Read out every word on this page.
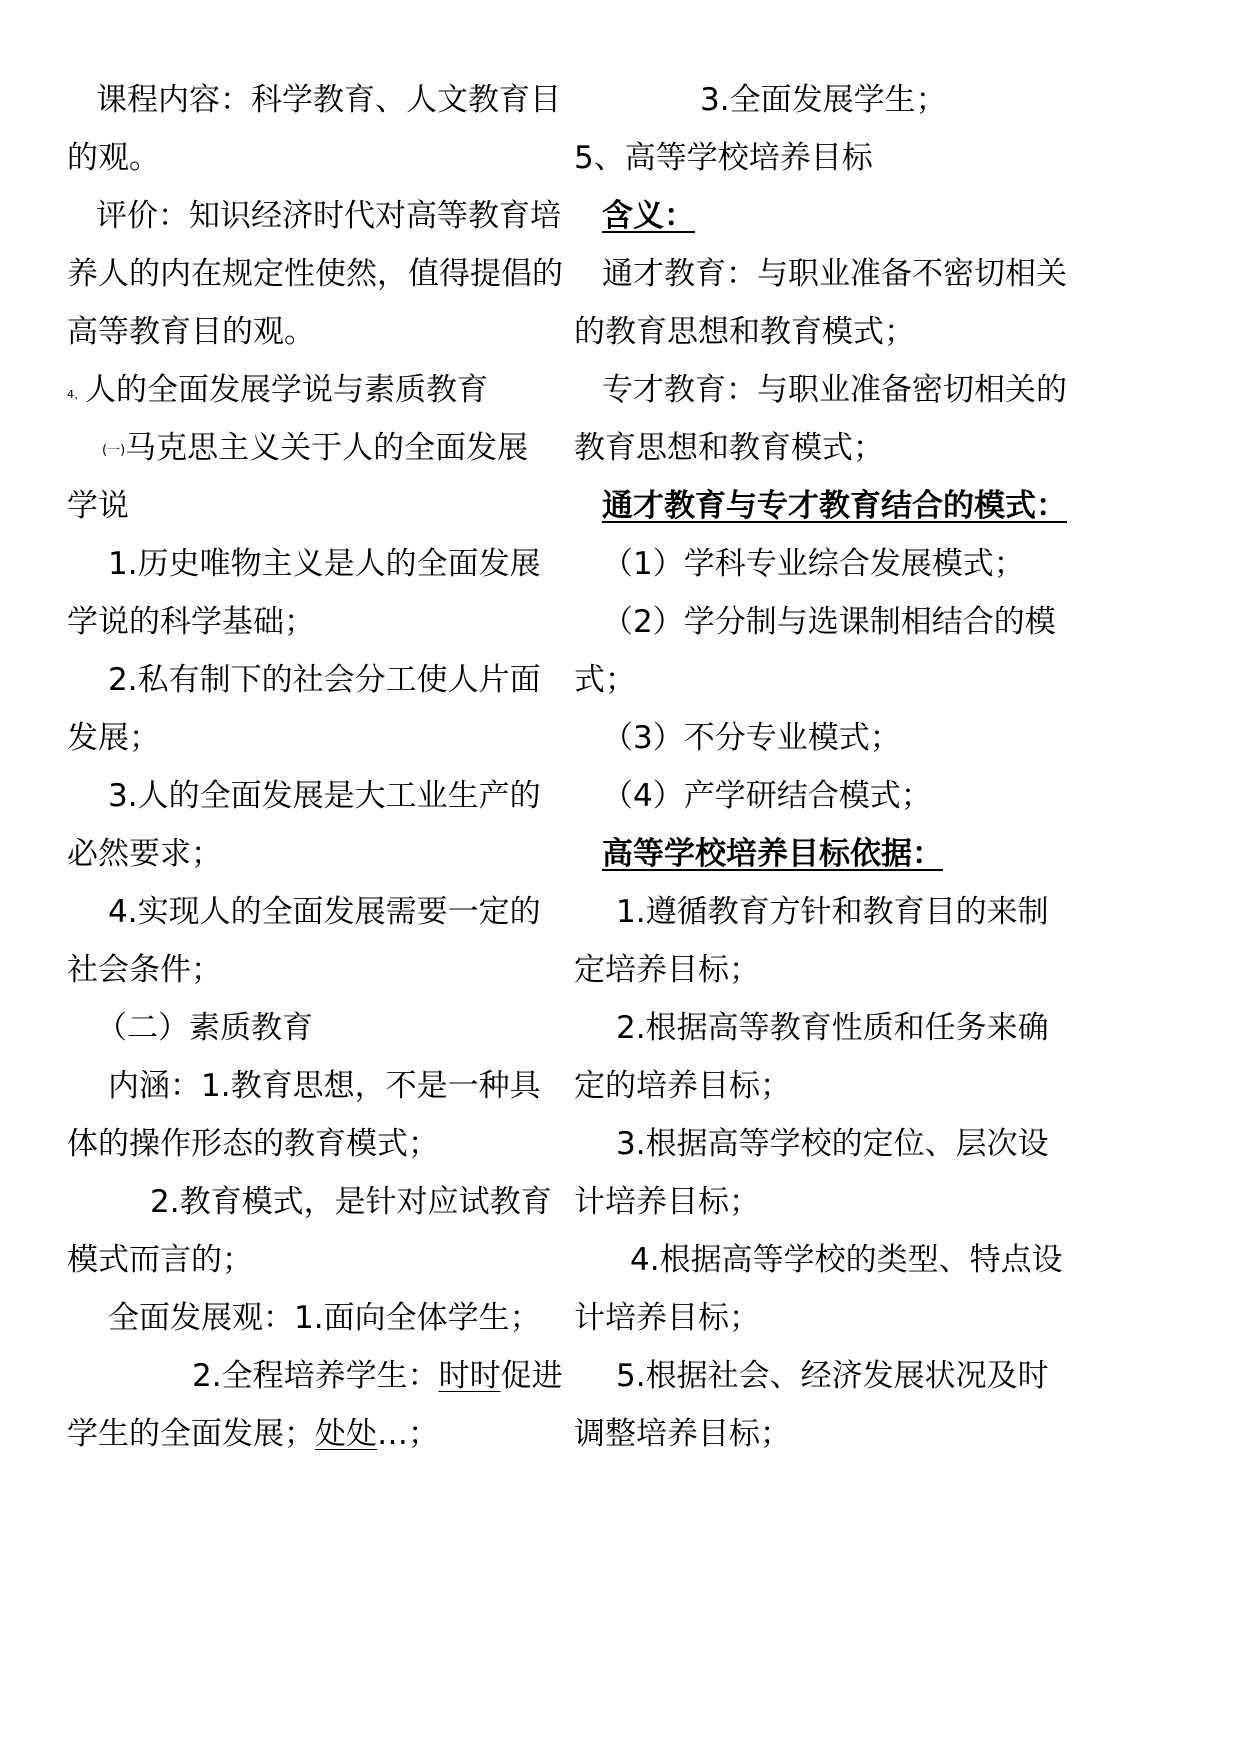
课程内容：科学教育、人文教育目
的观。
评价：知识经济时代对高等教育培
养人的内在规定性使然，值得提倡的
高等教育目的观。
4、人的全面发展学说与素质教育
(一)马克思主义关于人的全面发展
学说
1.历史唯物主义是人的全面发展
学说的科学基础；
2.私有制下的社会分工使人片面
发展；
3.人的全面发展是大工业生产的
必然要求；
4.实现人的全面发展需要一定的
社会条件；
（二）素质教育
内涵：1.教育思想，不是一种具
体的操作形态的教育模式；
2.教育模式，是针对应试教育
模式而言的；
全面发展观：1.面向全体学生；
2.全程培养学生：时时促进
学生的全面发展；处处…；
3.全面发展学生；
5、高等学校培养目标
含义：
通才教育：与职业准备不密切相关
的教育思想和教育模式；
专才教育：与职业准备密切相关的
教育思想和教育模式；
通才教育与专才教育结合的模式：
（1）学科专业综合发展模式；
（2）学分制与选课制相结合的模
式；
（3）不分专业模式；
（4）产学研结合模式；
高等学校培养目标依据：
1.遵循教育方针和教育目的来制
定培养目标；
2.根据高等教育性质和任务来确
定的培养目标；
3.根据高等学校的定位、层次设
计培养目标；
4.根据高等学校的类型、特点设
计培养目标；
5.根据社会、经济发展状况及时
调整培养目标；
